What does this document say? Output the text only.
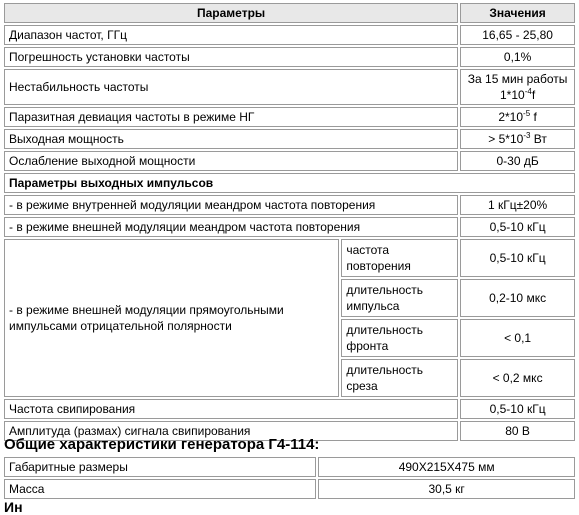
Параметры		Значения
Диапазон частот, ГГц		16,65 - 25,80
Погрешность установки частоты		0,1%
Нестабильность частоты		За 15 мин работы
$1*10^{-4}f$

Паразитная девиация частоты в режиме НГ		$2*10^{-5}$ f
Выходная мощность		> $5*10^{-3}$ Вт
Ослабление выходной мощности		0-30 дБ
Параметры выходных импульсов		
- в режиме внутренней модуляции меандром частота повторения		1 кГц±20%
- в режиме внешней модуляции меандром частота повторения		0,5-10 кГц
- в режиме внешней модуляции прямоугольными импульсами отрицательной полярности	частота повторения	0,5-10 кГц
	длительность импульса	0,2-10 мкс
	длительность фронта	< 0,1
	длительность среза	< 0,2 мкс
Частота свипирования		0,5-10 кГц
Амплитуда (размах) сигнала свипирования		80 В
Общие характеристики генератора Г4-114:
Габаритные размеры	490X215X475 мм
Масса	30,5 кг

Ин
